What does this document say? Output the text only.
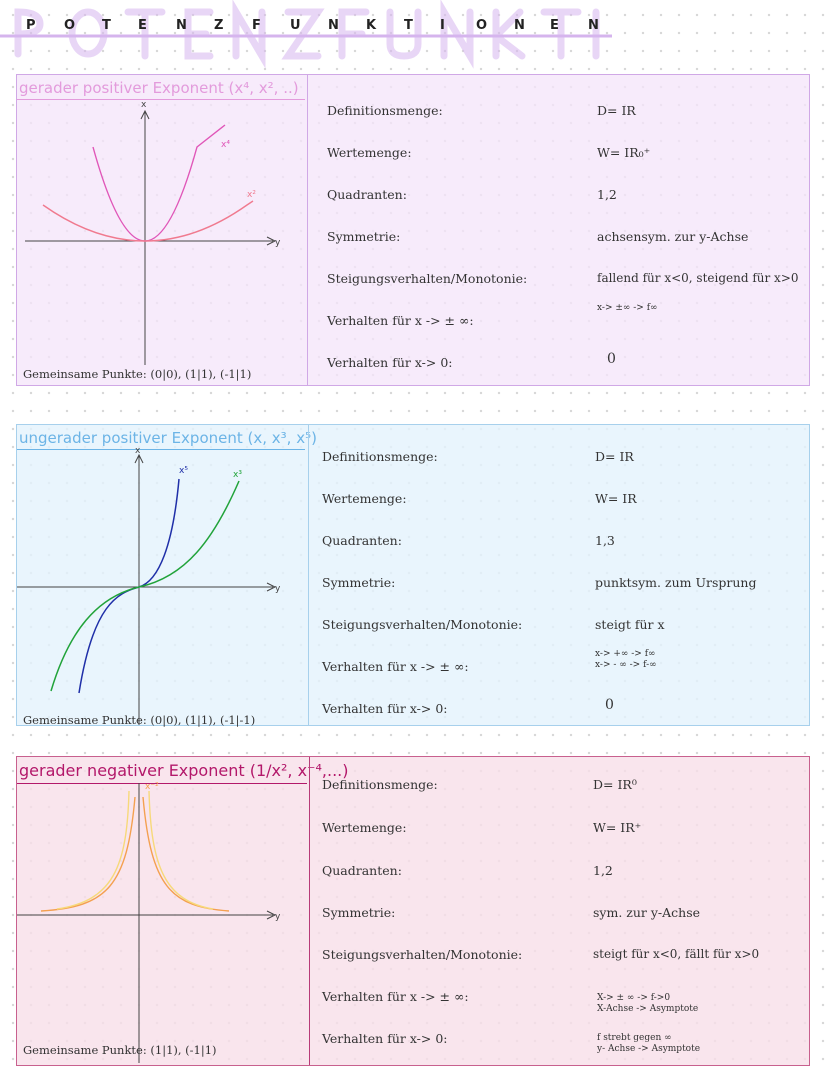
P O T E N Z F U N K T I O N E N
gerader positiver Exponent (x⁴, x², ..)
x
y
x⁴
x²
Gemeinsame Punkte: (0|0), (1|1), (-1|1)
Definitionsmenge:	D= IR
Wertemenge:	W= IR₀⁺
Quadranten:	1,2
Symmetrie:	achsensym. zur y-Achse
Steigungsverhalten/Monotonie:	fallend für x<0, steigend für x>0
Verhalten für x -> ± ∞:
x-> ±∞ -> f∞
Verhalten für x-> 0:	0
ungerader positiver Exponent (x, x³, x⁵)
x
y
x⁵	x³
Gemeinsame Punkte: (0|0), (1|1), (-1|-1)
Definitionsmenge:	D= IR
Wertemenge:	W= IR
Quadranten:	1,3
Symmetrie:	punktsym. zum Ursprung
Steigungsverhalten/Monotonie:	steigt für x
Verhalten für x -> ± ∞:
x-> +∞ -> f∞
x-> - ∞ -> f-∞
Verhalten für x-> 0:	0
gerader negativer Exponent (1/x², x⁻⁴,...)
y
x⁻²
Gemeinsame Punkte: (1|1), (-1|1)
Definitionsmenge:	D= IR⁰
Wertemenge:	W= IR⁺
Quadranten:	1,2
Symmetrie:	sym. zur y-Achse
Steigungsverhalten/Monotonie:	steigt für x<0, fällt für x>0
Verhalten für x -> ± ∞:	X-> ± ∞ -> f->0
X-Achse -> Asymptote
Verhalten für x-> 0:	f strebt gegen ∞
y- Achse -> Asymptote
